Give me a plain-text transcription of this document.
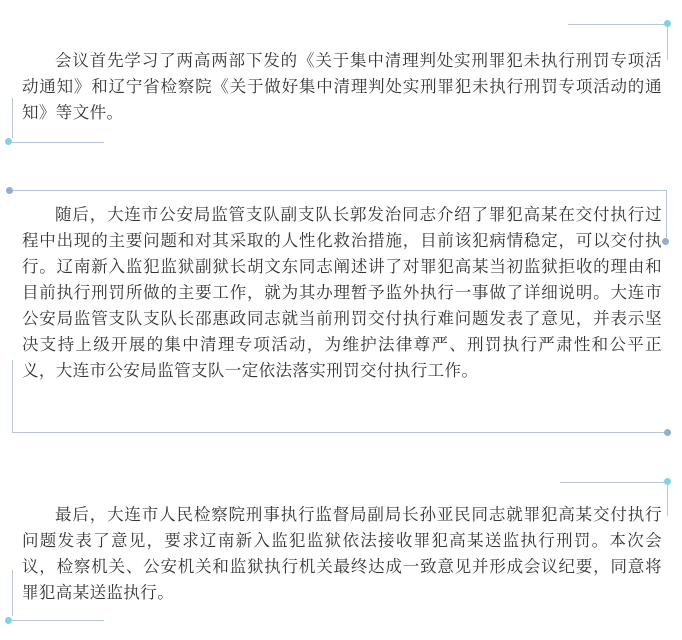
会议首先学习了两高两部下发的《关于集中清理判处实刑罪犯未执行刑罚专项活动通知》和辽宁省检察院《关于做好集中清理判处实刑罪犯未执行刑罚专项活动的通知》等文件。

随后，大连市公安局监管支队副支队长郭发治同志介绍了罪犯高某在交付执行过程中出现的主要问题和对其采取的人性化救治措施，目前该犯病情稳定，可以交付执行。辽南新入监犯监狱副狱长胡文东同志阐述讲了对罪犯高某当初监狱拒收的理由和目前执行刑罚所做的主要工作，就为其办理暂予监外执行一事做了详细说明。大连市公安局监管支队支队长邵惠政同志就当前刑罚交付执行难问题发表了意见，并表示坚决支持上级开展的集中清理专项活动，为维护法律尊严、刑罚执行严肃性和公平正义，大连市公安局监管支队一定依法落实刑罚交付执行工作。

最后，大连市人民检察院刑事执行监督局副局长孙亚民同志就罪犯高某交付执行问题发表了意见，要求辽南新入监犯监狱依法接收罪犯高某送监执行刑罚。本次会议，检察机关、公安机关和监狱执行机关最终达成一致意见并形成会议纪要，同意将罪犯高某送监执行。
